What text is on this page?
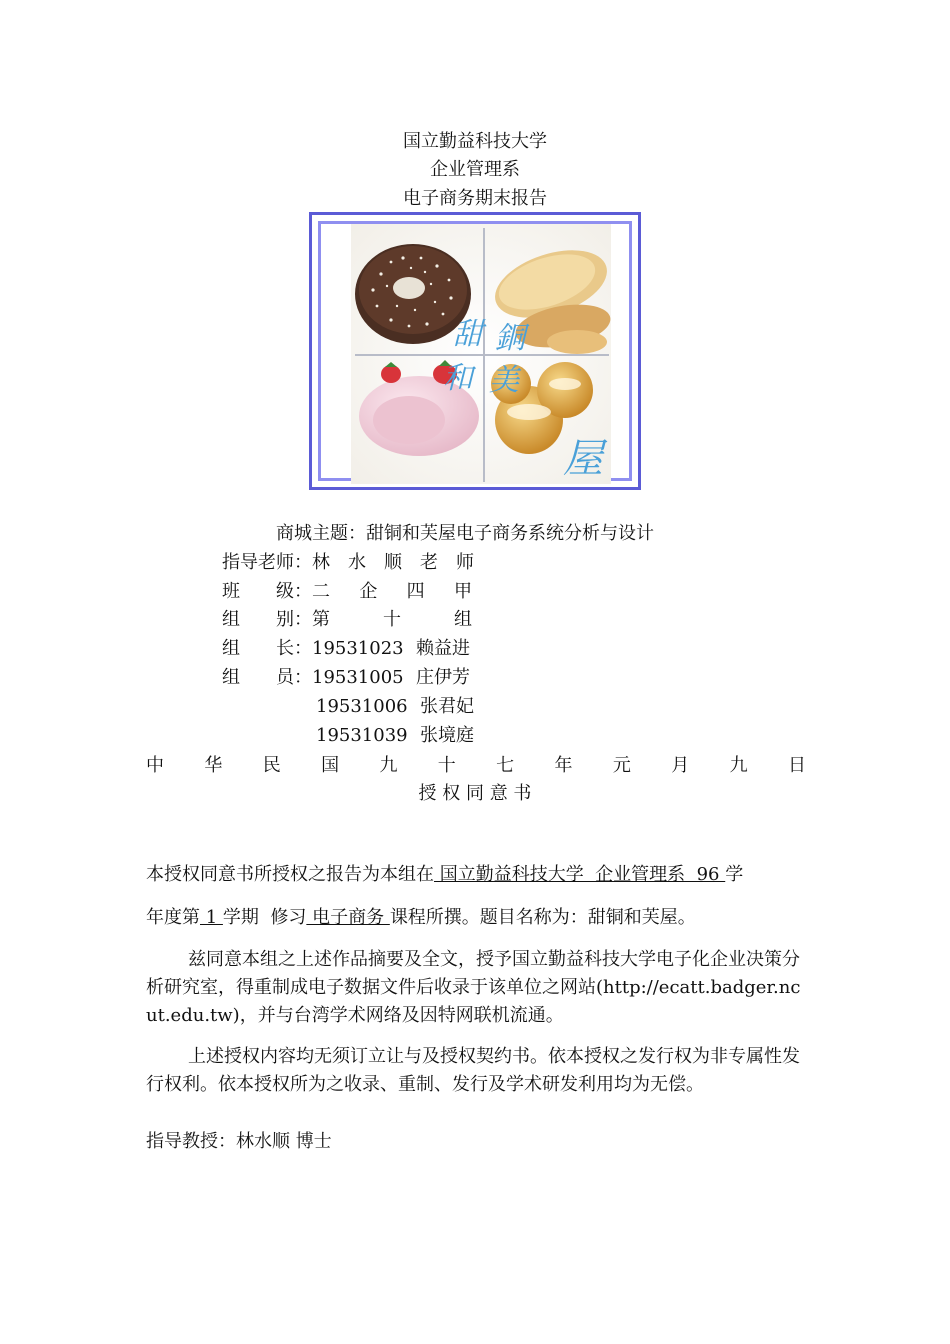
国立勤益科技大学
企业管理系
电子商务期末报告
甜 銅
和 美
屋
商城主题：甜铜和芙屋电子商务系统分析与设计
指导老师：林 水 顺 老 师
班级：二 企 四 甲
组别：第 十 组
组长：19531023 赖益进
组员：19531005 庄伊芳
19531006 张君妃
19531039 张境庭
中 华 民 国 九 十 七 年 元 月 九 日
授 权 同 意 书
本授权同意书所授权之报告为本组在 国立勤益科技大学  企业管理系  96 学
年度第 1 学期  修习 电子商务 课程所撰。题目名称为：甜铜和芙屋。
兹同意本组之上述作品摘要及全文，授予国立勤益科技大学电子化企业决策分析研究室，得重制成电子数据文件后收录于该单位之网站(http://ecatt.badger.ncut.edu.tw)，并与台湾学术网络及因特网联机流通。
上述授权内容均无须订立让与及授权契约书。依本授权之发行权为非专属性发行权利。依本授权所为之收录、重制、发行及学术研发利用均为无偿。
指导教授：林水顺 博士
